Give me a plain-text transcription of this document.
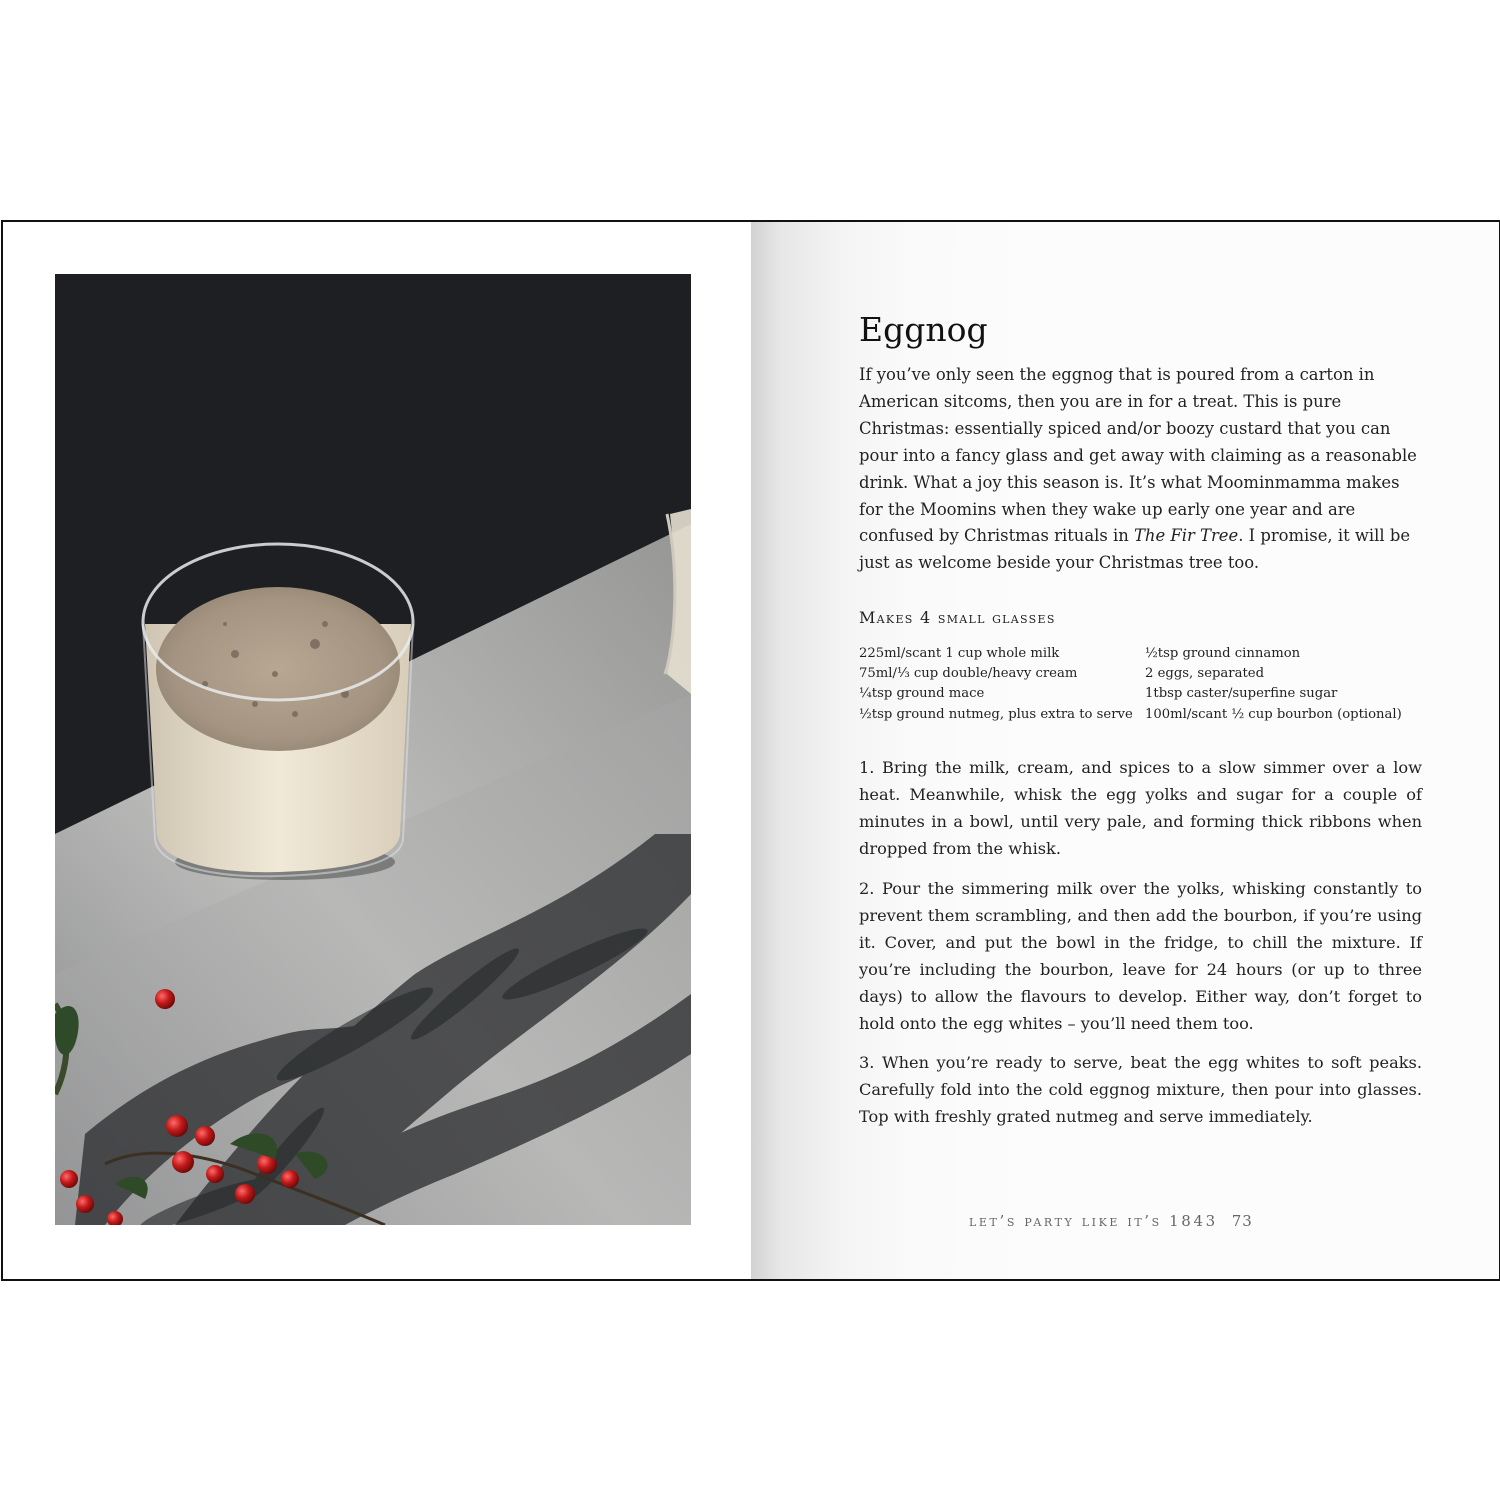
Eggnog

If you’ve only seen the eggnog that is poured from a carton in American sitcoms, then you are in for a treat. This is pure Christmas: essentially spiced and/or boozy custard that you can pour into a fancy glass and get away with claiming as a reasonable drink. What a joy this season is. It’s what Moominmamma makes for the Moomins when they wake up early one year and are confused by Christmas rituals in The Fir Tree. I promise, it will be just as welcome beside your Christmas tree too.

Makes 4 small glasses

225ml/scant 1 cup whole milk
75ml/⅓ cup double/heavy cream
¼tsp ground mace
½tsp ground nutmeg, plus extra to serve
½tsp ground cinnamon
2 eggs, separated
1tbsp caster/superfine sugar
100ml/scant ½ cup bourbon (optional)

1. Bring the milk, cream, and spices to a slow simmer over a low heat. Meanwhile, whisk the egg yolks and sugar for a couple of minutes in a bowl, until very pale, and forming thick ribbons when dropped from the whisk.

2. Pour the simmering milk over the yolks, whisking constantly to prevent them scrambling, and then add the bourbon, if you’re using it. Cover, and put the bowl in the fridge, to chill the mixture. If you’re including the bourbon, leave for 24 hours (or up to three days) to allow the flavours to develop. Either way, don’t forget to hold onto the egg whites – you’ll need them too.

3. When you’re ready to serve, beat the egg whites to soft peaks. Carefully fold into the cold eggnog mixture, then pour into glasses. Top with freshly grated nutmeg and serve immediately.

let’s party like it’s 1843 73
